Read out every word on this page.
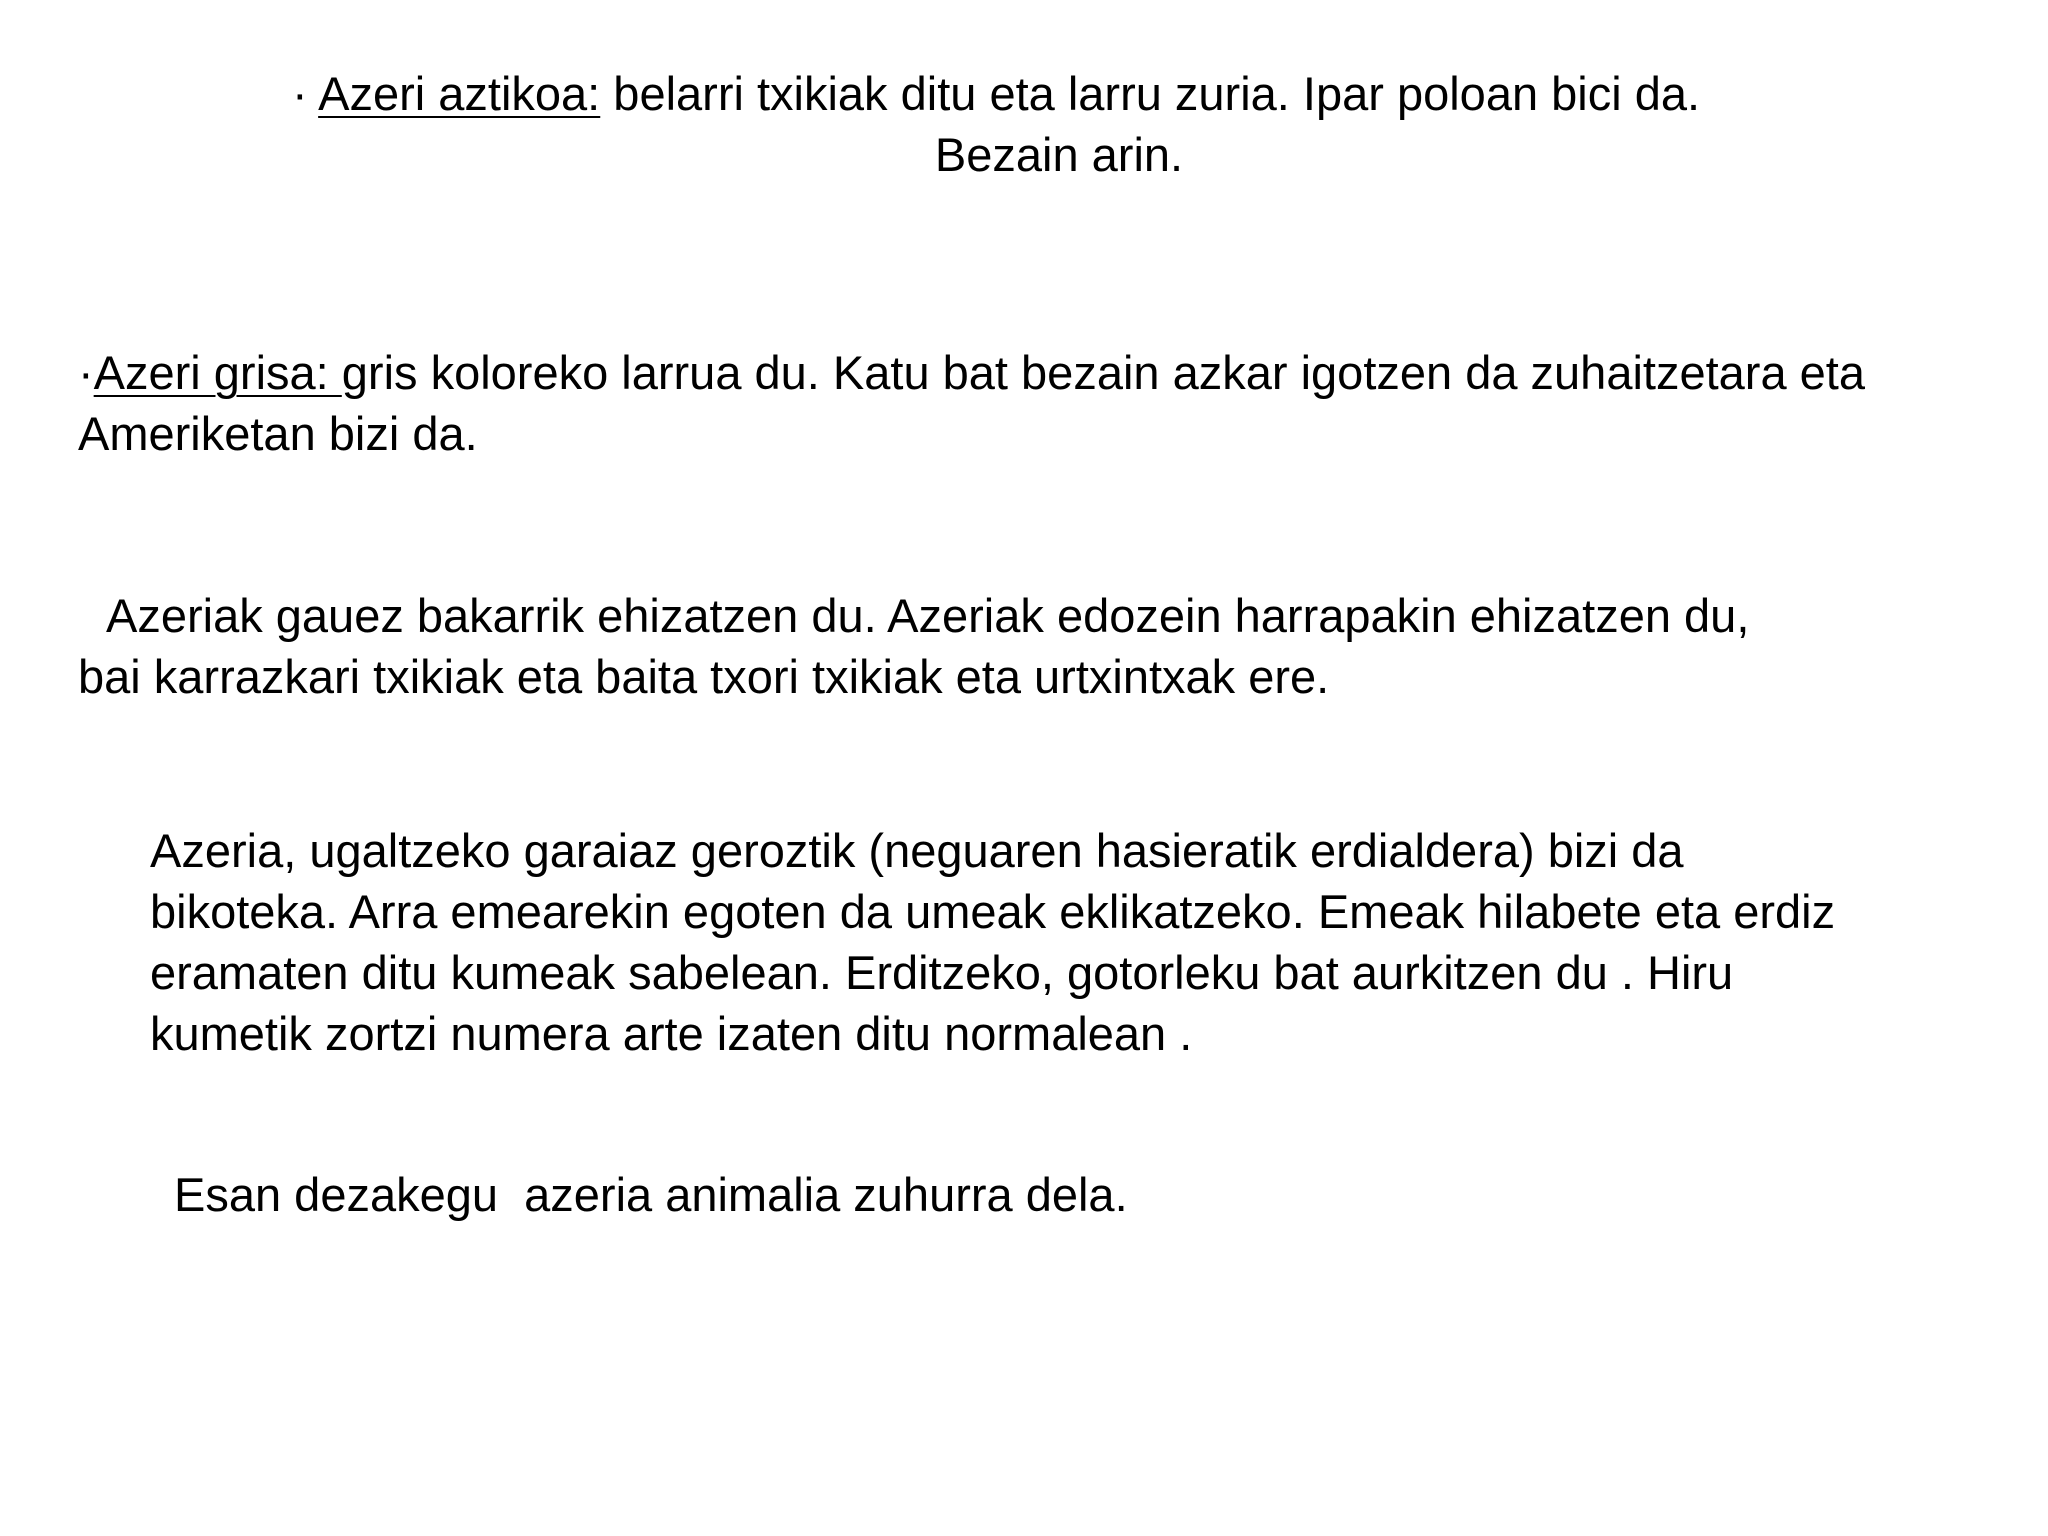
· Azeri aztikoa: belarri txikiak ditu eta larru zuria. Ipar poloan bici da.
Bezain arin.
·Azeri grisa: gris koloreko larrua du. Katu bat bezain azkar igotzen da zuhaitzetara eta
Ameriketan bizi da.
Azeriak gauez bakarrik ehizatzen du. Azeriak edozein harrapakin ehizatzen du,
bai karrazkari txikiak eta baita txori txikiak eta urtxintxak ere.
Azeria, ugaltzeko garaiaz geroztik (neguaren hasieratik erdialdera) bizi da
bikoteka. Arra emearekin egoten da umeak eklikatzeko. Emeak hilabete eta erdiz
eramaten ditu kumeak sabelean. Erditzeko, gotorleku bat aurkitzen du . Hiru
kumetik zortzi numera arte izaten ditu normalean .
Esan dezakegu  azeria animalia zuhurra dela.
